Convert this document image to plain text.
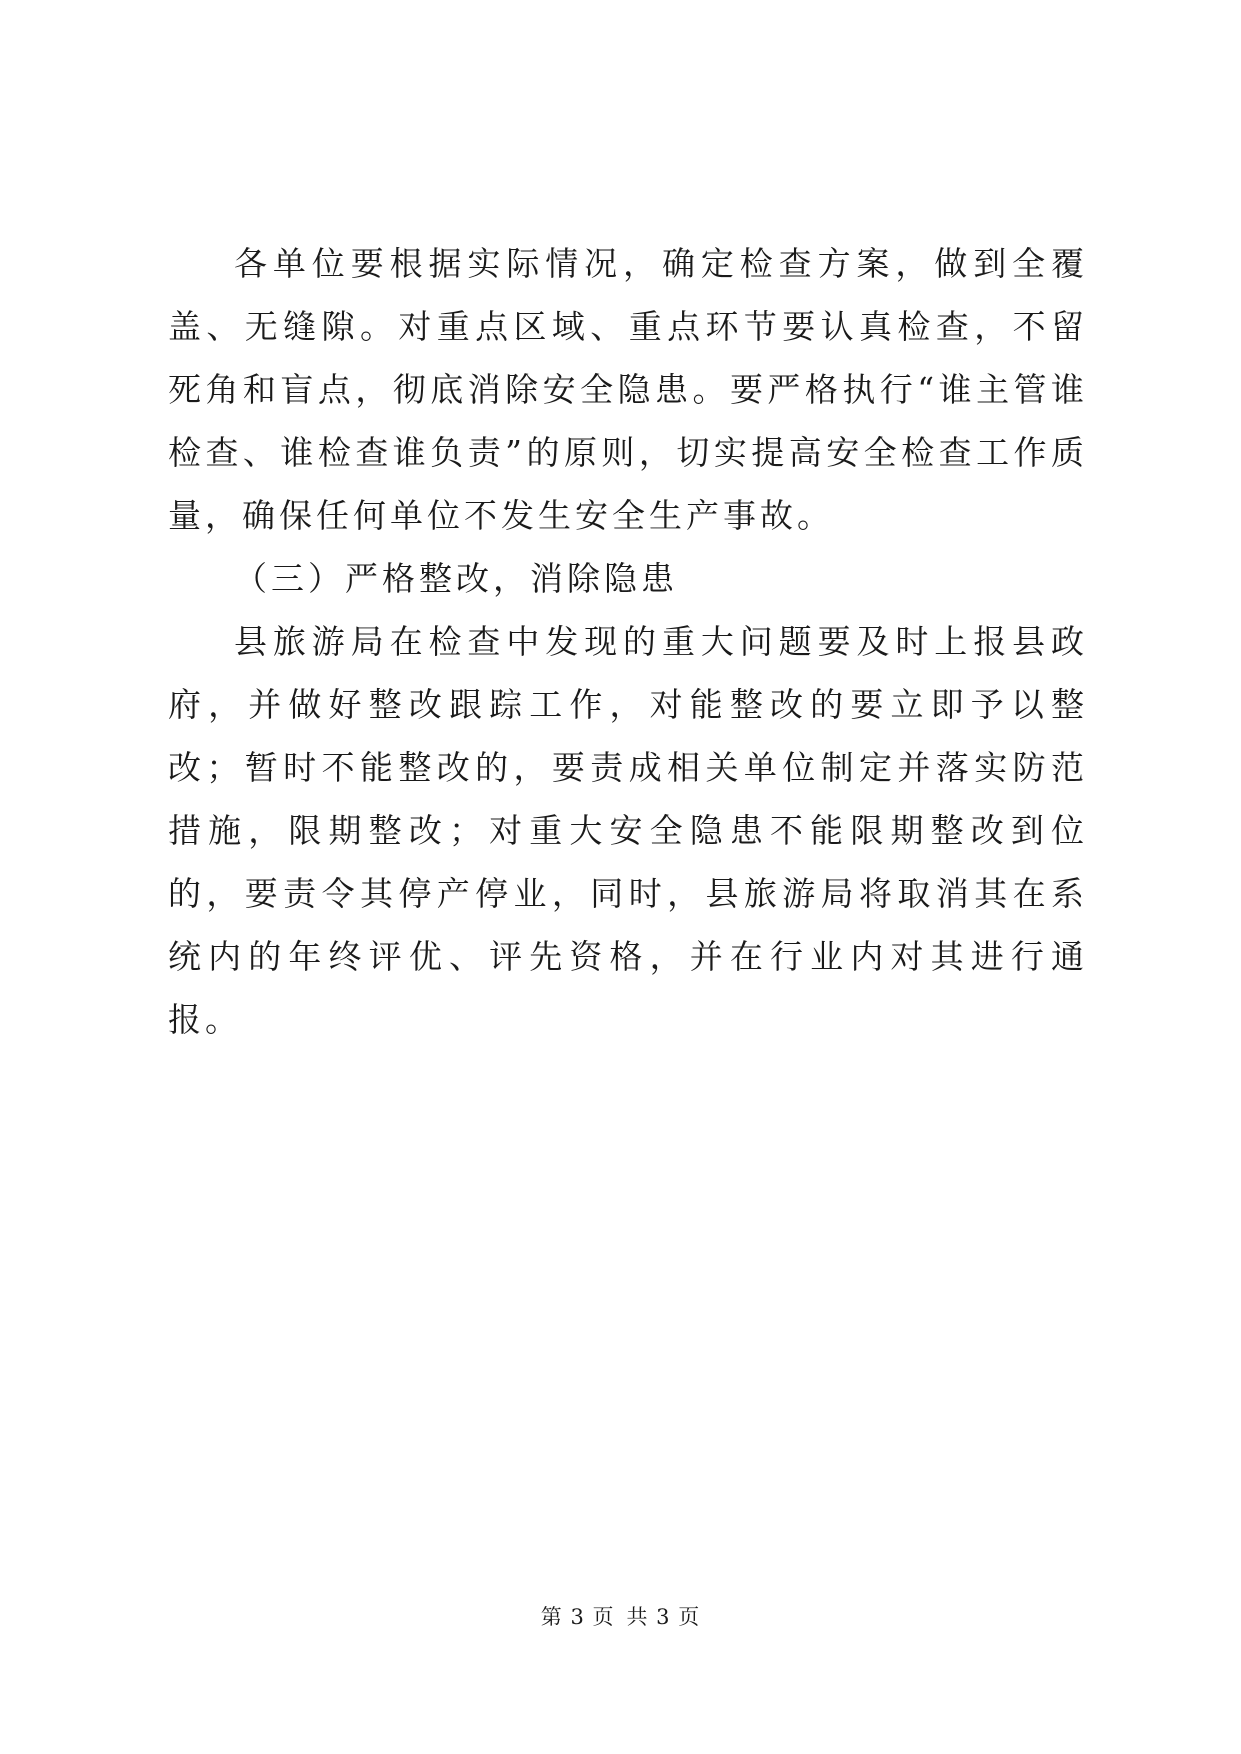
各单位要根据实际情况，确定检查方案，做到全覆盖、无缝隙。对重点区域、重点环节要认真检查，不留死角和盲点，彻底消除安全隐患。要严格执行“谁主管谁检查、谁检查谁负责”的原则，切实提高安全检查工作质量，确保任何单位不发生安全生产事故。

（三）严格整改，消除隐患

县旅游局在检查中发现的重大问题要及时上报县政府，并做好整改跟踪工作，对能整改的要立即予以整改；暂时不能整改的，要责成相关单位制定并落实防范措施，限期整改；对重大安全隐患不能限期整改到位的，要责令其停产停业，同时，县旅游局将取消其在系统内的年终评优、评先资格，并在行业内对其进行通报。

第 3 页 共 3 页
